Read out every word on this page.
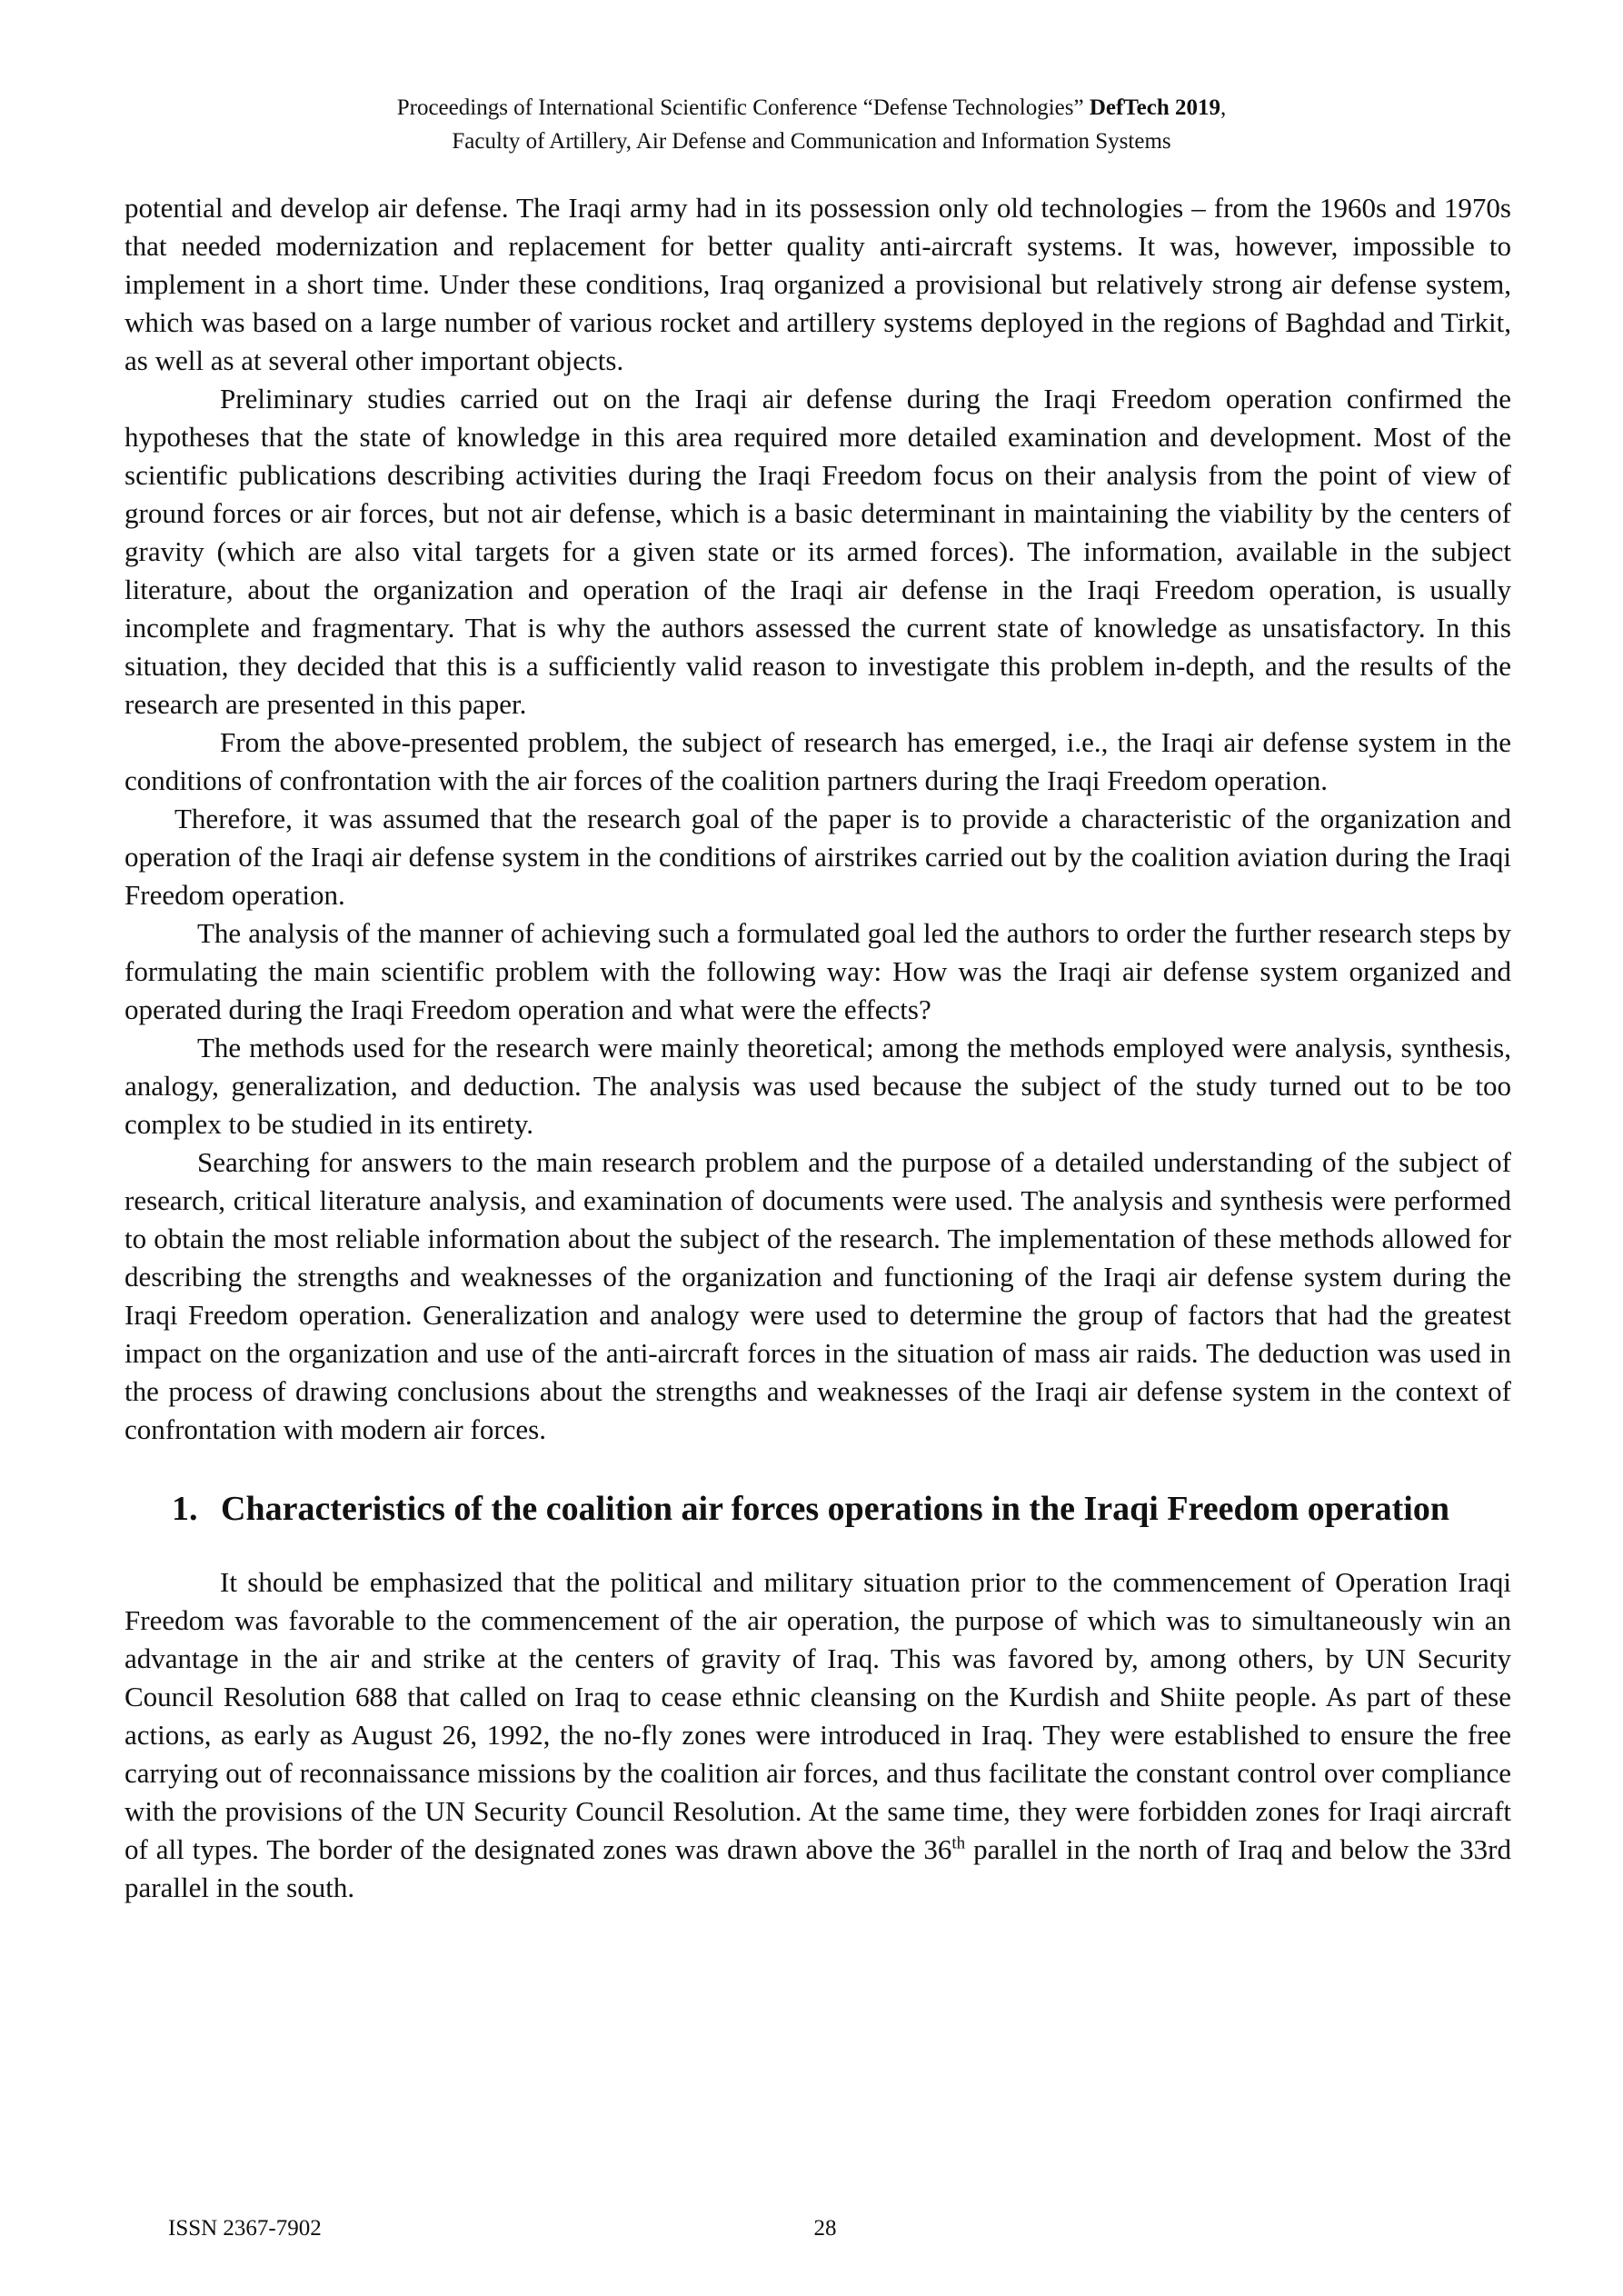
Proceedings of International Scientific Conference “Defense Technologies” DefTech 2019,
Faculty of Artillery, Air Defense and Communication and Information Systems

potential and develop air defense. The Iraqi army had in its possession only old technologies – from the 1960s and 1970s that needed modernization and replacement for better quality anti-aircraft systems. It was, however, impossible to implement in a short time. Under these conditions, Iraq organized a provisional but relatively strong air defense system, which was based on a large number of various rocket and artillery systems deployed in the regions of Baghdad and Tirkit, as well as at several other important objects.

Preliminary studies carried out on the Iraqi air defense during the Iraqi Freedom operation confirmed the hypotheses that the state of knowledge in this area required more detailed examination and development. Most of the scientific publications describing activities during the Iraqi Freedom focus on their analysis from the point of view of ground forces or air forces, but not air defense, which is a basic determinant in maintaining the viability by the centers of gravity (which are also vital targets for a given state or its armed forces). The information, available in the subject literature, about the organization and operation of the Iraqi air defense in the Iraqi Freedom operation, is usually incomplete and fragmentary. That is why the authors assessed the current state of knowledge as unsatisfactory. In this situation, they decided that this is a sufficiently valid reason to investigate this problem in-depth, and the results of the research are presented in this paper.

From the above-presented problem, the subject of research has emerged, i.e., the Iraqi air defense system in the conditions of confrontation with the air forces of the coalition partners during the Iraqi Freedom operation.

Therefore, it was assumed that the research goal of the paper is to provide a characteristic of the organization and operation of the Iraqi air defense system in the conditions of airstrikes carried out by the coalition aviation during the Iraqi Freedom operation.

The analysis of the manner of achieving such a formulated goal led the authors to order the further research steps by formulating the main scientific problem with the following way: How was the Iraqi air defense system organized and operated during the Iraqi Freedom operation and what were the effects?

The methods used for the research were mainly theoretical; among the methods employed were analysis, synthesis, analogy, generalization, and deduction. The analysis was used because the subject of the study turned out to be too complex to be studied in its entirety.

Searching for answers to the main research problem and the purpose of a detailed understanding of the subject of research, critical literature analysis, and examination of documents were used. The analysis and synthesis were performed to obtain the most reliable information about the subject of the research. The implementation of these methods allowed for describing the strengths and weaknesses of the organization and functioning of the Iraqi air defense system during the Iraqi Freedom operation. Generalization and analogy were used to determine the group of factors that had the greatest impact on the organization and use of the anti-aircraft forces in the situation of mass air raids. The deduction was used in the process of drawing conclusions about the strengths and weaknesses of the Iraqi air defense system in the context of confrontation with modern air forces.

1. Characteristics of the coalition air forces operations in the Iraqi Freedom operation

It should be emphasized that the political and military situation prior to the commencement of Operation Iraqi Freedom was favorable to the commencement of the air operation, the purpose of which was to simultaneously win an advantage in the air and strike at the centers of gravity of Iraq. This was favored by, among others, by UN Security Council Resolution 688 that called on Iraq to cease ethnic cleansing on the Kurdish and Shiite people. As part of these actions, as early as August 26, 1992, the no-fly zones were introduced in Iraq. They were established to ensure the free carrying out of reconnaissance missions by the coalition air forces, and thus facilitate the constant control over compliance with the provisions of the UN Security Council Resolution. At the same time, they were forbidden zones for Iraqi aircraft of all types. The border of the designated zones was drawn above the 36th parallel in the north of Iraq and below the 33rd parallel in the south.

ISSN 2367-7902	28
